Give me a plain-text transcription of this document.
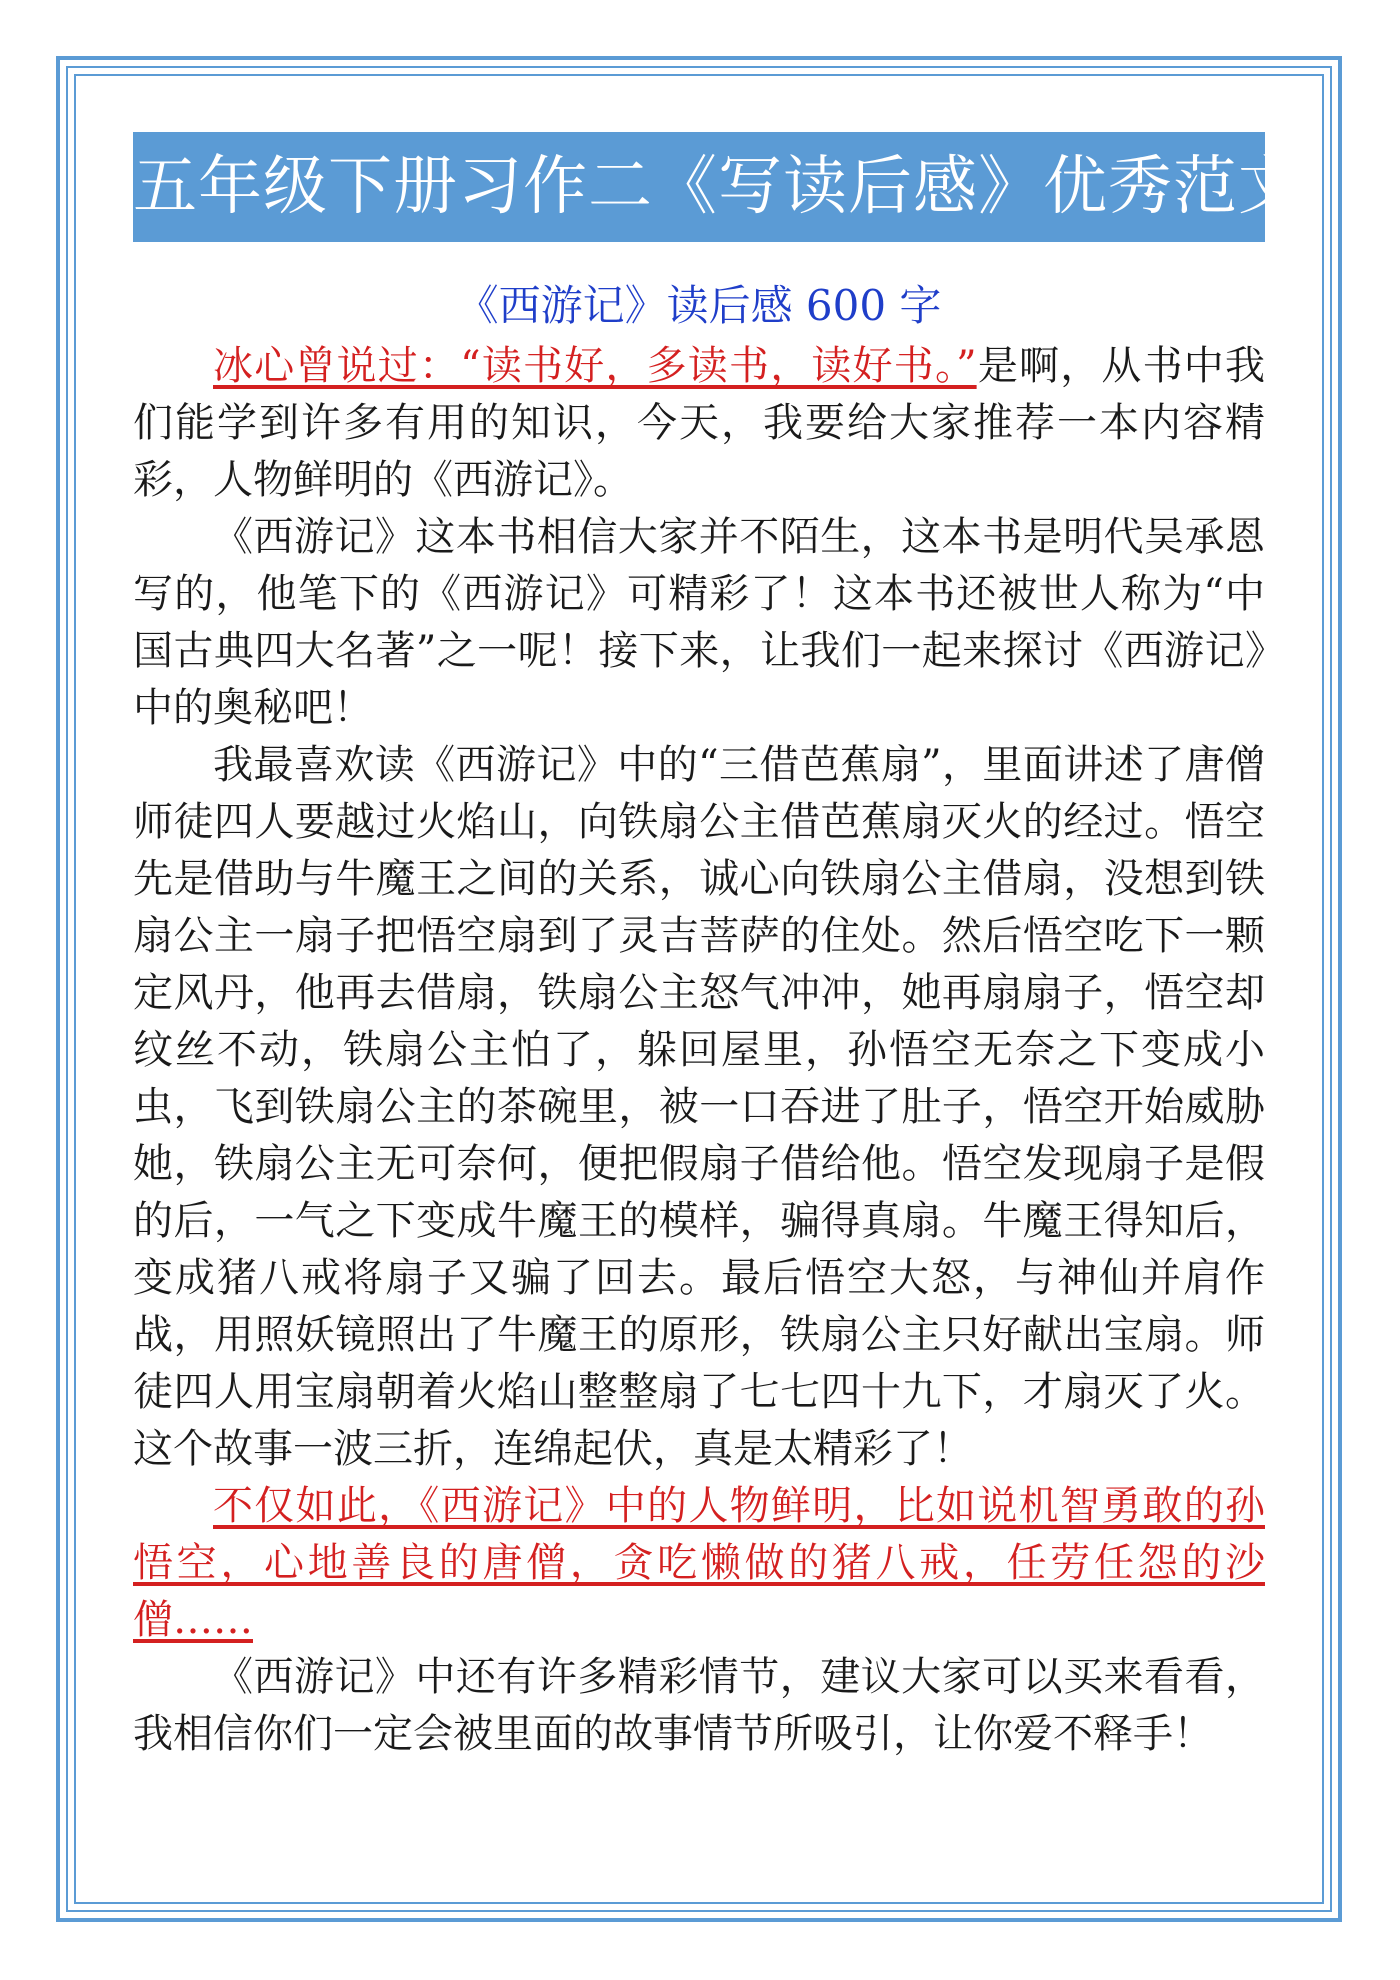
五年级下册习作二《写读后感》优秀范文
《西游记》读后感 600 字

冰心曾说过：“读书好，多读书，读好书。”是啊，从书中我们能学到许多有用的知识，今天，我要给大家推荐一本内容精彩，人物鲜明的《西游记》。

《西游记》这本书相信大家并不陌生，这本书是明代吴承恩写的，他笔下的《西游记》可精彩了！这本书还被世人称为“中国古典四大名著”之一呢！接下来，让我们一起来探讨《西游记》中的奥秘吧！

我最喜欢读《西游记》中的“三借芭蕉扇”，里面讲述了唐僧师徒四人要越过火焰山，向铁扇公主借芭蕉扇灭火的经过。悟空先是借助与牛魔王之间的关系，诚心向铁扇公主借扇，没想到铁扇公主一扇子把悟空扇到了灵吉菩萨的住处。然后悟空吃下一颗定风丹，他再去借扇，铁扇公主怒气冲冲，她再扇扇子，悟空却纹丝不动，铁扇公主怕了，躲回屋里，孙悟空无奈之下变成小虫，飞到铁扇公主的茶碗里，被一口吞进了肚子，悟空开始威胁她，铁扇公主无可奈何，便把假扇子借给他。悟空发现扇子是假的后，一气之下变成牛魔王的模样，骗得真扇。牛魔王得知后，变成猪八戒将扇子又骗了回去。最后悟空大怒，与神仙并肩作战，用照妖镜照出了牛魔王的原形，铁扇公主只好献出宝扇。师徒四人用宝扇朝着火焰山整整扇了七七四十九下，才扇灭了火。这个故事一波三折，连绵起伏，真是太精彩了！

不仅如此，《西游记》中的人物鲜明，比如说机智勇敢的孙悟空，心地善良的唐僧，贪吃懒做的猪八戒，任劳任怨的沙僧……

《西游记》中还有许多精彩情节，建议大家可以买来看看，我相信你们一定会被里面的故事情节所吸引，让你爱不释手！
